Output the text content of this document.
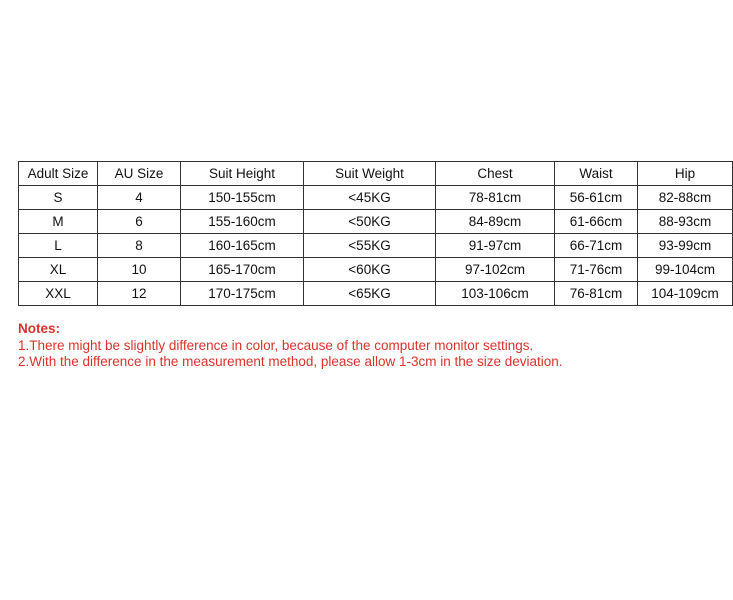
Adult Size	AU Size	Suit Height	Suit Weight	Chest	Waist	Hip
S	4	150-155cm	<45KG	78-81cm	56-61cm	82-88cm
M	6	155-160cm	<50KG	84-89cm	61-66cm	88-93cm
L	8	160-165cm	<55KG	91-97cm	66-71cm	93-99cm
XL	10	165-170cm	<60KG	97-102cm	71-76cm	99-104cm
XXL	12	170-175cm	<65KG	103-106cm	76-81cm	104-109cm
Notes:
1.There might be slightly difference in color, because of the computer monitor settings.
2.With the difference in the measurement method, please allow 1-3cm in the size deviation.
